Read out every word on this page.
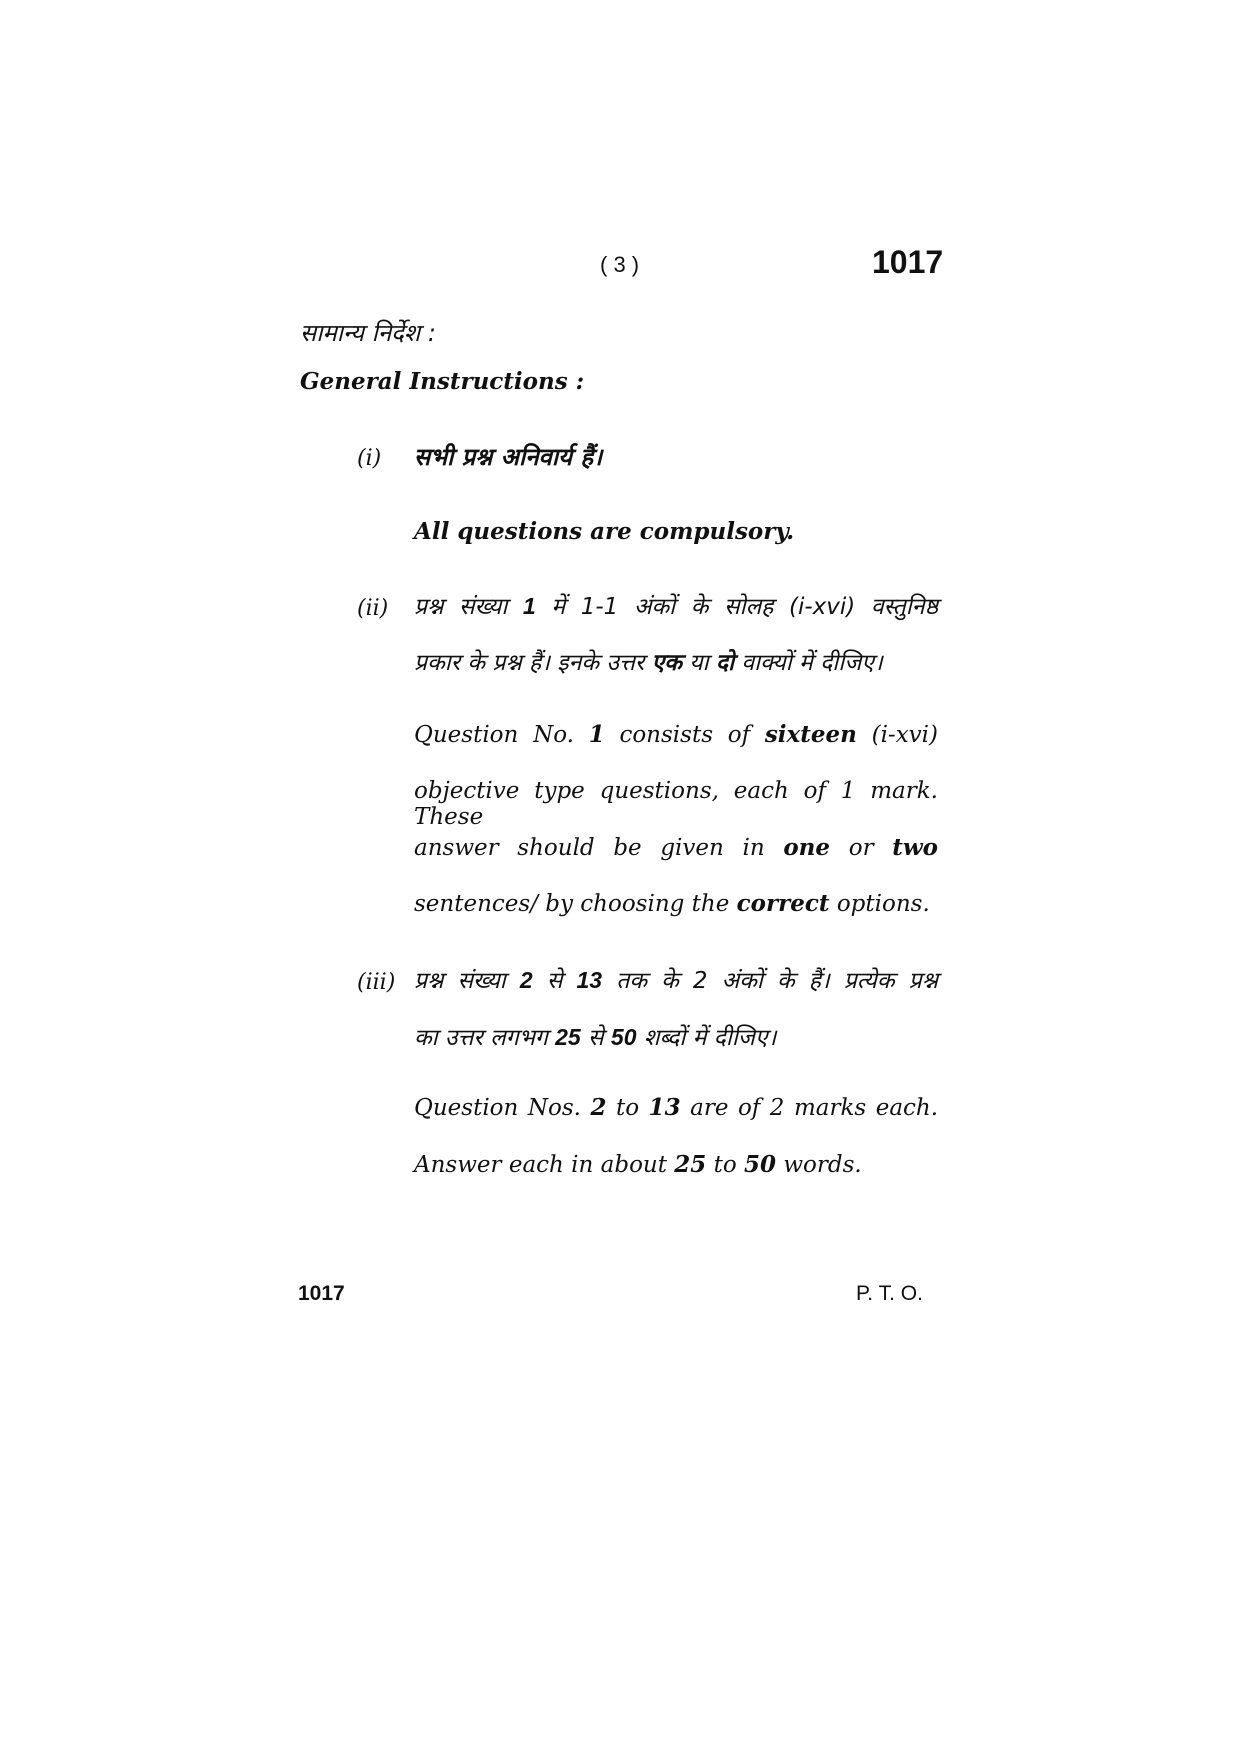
( 3 )	1017
सामान्य निर्देश :
General Instructions :
(i) सभी प्रश्न अनिवार्य हैं।
All questions are compulsory.
(ii) प्रश्न संख्या 1 में 1-1 अंकों के सोलह (i-xvi) वस्तुनिष्ठ
प्रकार के प्रश्न हैं। इनके उत्तर एक या दो वाक्यों में दीजिए।
Question No. 1 consists of sixteen (i-xvi)
objective type questions, each of 1 mark. These
answer should be given in one or two
sentences/ by choosing the correct options.
(iii) प्रश्न संख्या 2 से 13 तक के 2 अंकों के हैं। प्रत्येक प्रश्न
का उत्तर लगभग 25 से 50 शब्दों में दीजिए।
Question Nos. 2 to 13 are of 2 marks each.
Answer each in about 25 to 50 words.
1017	P. T. O.
